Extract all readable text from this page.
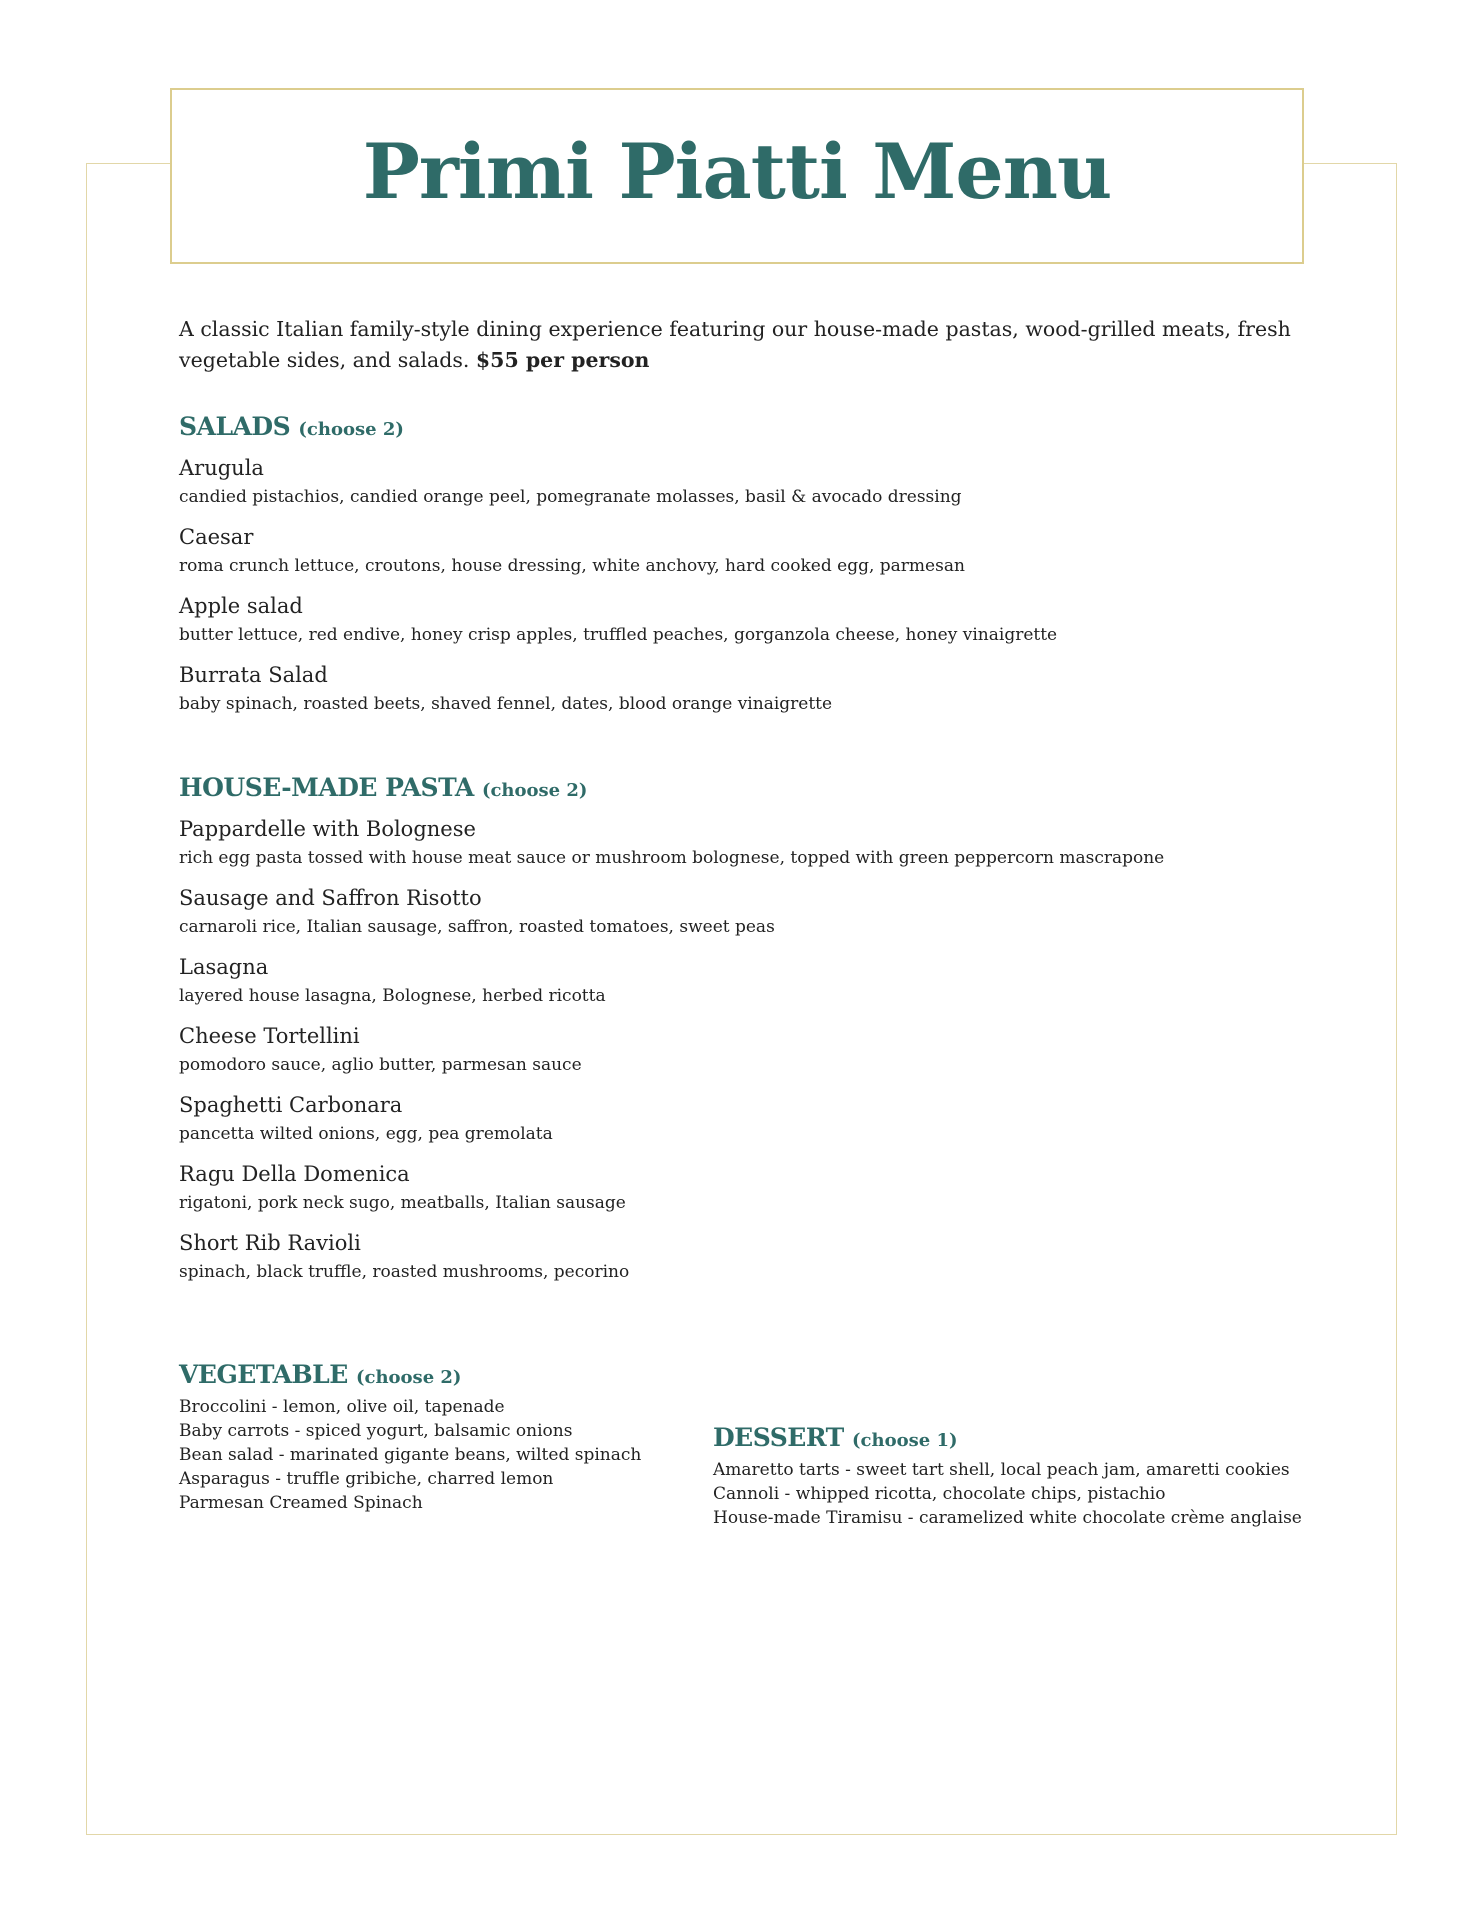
Primi Piatti Menu
A classic Italian family-style dining experience featuring our house-made pastas, wood-grilled meats, fresh vegetable sides, and salads. $55 per person
SALADS (choose 2)
Arugula
candied pistachios, candied orange peel, pomegranate molasses, basil & avocado dressing
Caesar
roma crunch lettuce, croutons, house dressing, white anchovy, hard cooked egg, parmesan
Apple salad
butter lettuce, red endive, honey crisp apples, truffled peaches, gorganzola cheese, honey vinaigrette
Burrata Salad
baby spinach, roasted beets, shaved fennel, dates, blood orange vinaigrette
HOUSE-MADE PASTA (choose 2)
Pappardelle with Bolognese
rich egg pasta tossed with house meat sauce or mushroom bolognese, topped with green peppercorn mascrapone
Sausage and Saffron Risotto
carnaroli rice, Italian sausage, saffron, roasted tomatoes, sweet peas
Lasagna
layered house lasagna, Bolognese, herbed ricotta
Cheese Tortellini
pomodoro sauce, aglio butter, parmesan sauce
Spaghetti Carbonara
pancetta wilted onions, egg, pea gremolata
Ragu Della Domenica
rigatoni, pork neck sugo, meatballs, Italian sausage
Short Rib Ravioli
spinach, black truffle, roasted mushrooms, pecorino
VEGETABLE (choose 2)
Broccolini - lemon, olive oil, tapenade
Baby carrots - spiced yogurt, balsamic onions
Bean salad - marinated gigante beans, wilted spinach
Asparagus - truffle gribiche, charred lemon
Parmesan Creamed Spinach
DESSERT (choose 1)
Amaretto tarts - sweet tart shell, local peach jam, amaretti cookies
Cannoli - whipped ricotta, chocolate chips, pistachio
House-made Tiramisu - caramelized white chocolate crème anglaise
